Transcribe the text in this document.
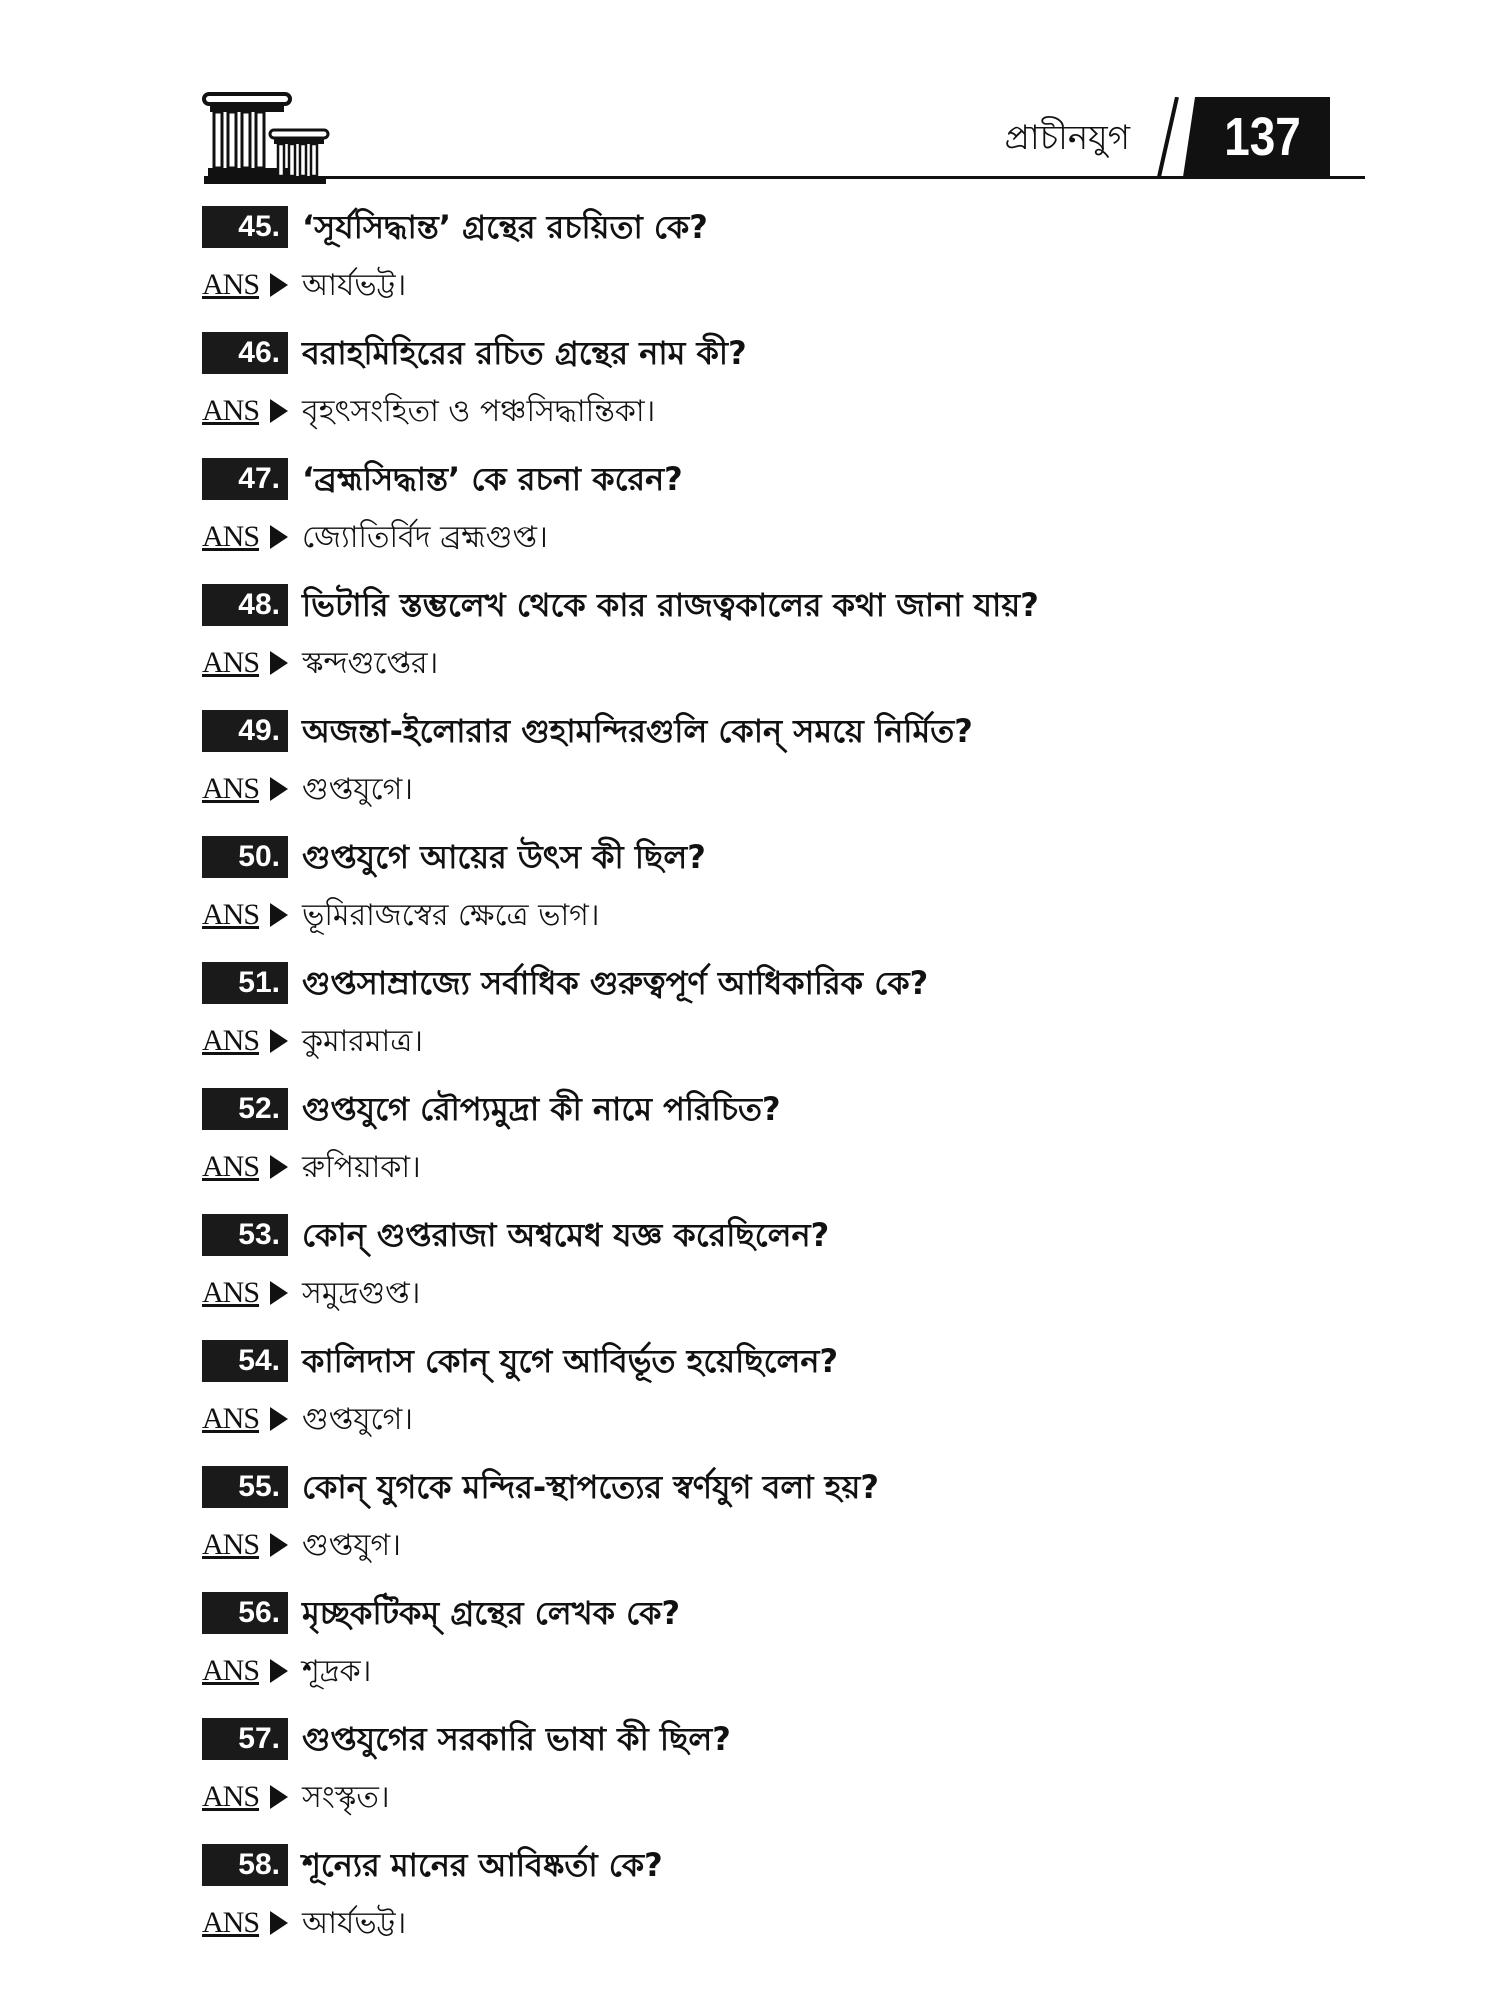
প্রাচীনযুগ	137
45. ‘সূর্যসিদ্ধান্ত’ গ্রন্থের রচয়িতা কে?
ANS আর্যভট্ট।
46. বরাহমিহিরের রচিত গ্রন্থের নাম কী?
ANS বৃহৎসংহিতা ও পঞ্চসিদ্ধান্তিকা।
47. ‘ব্রহ্মসিদ্ধান্ত’ কে রচনা করেন?
ANS জ্যোতির্বিদ ব্রহ্মগুপ্ত।
48. ভিটারি স্তম্ভলেখ থেকে কার রাজত্বকালের কথা জানা যায়?
ANS স্কন্দগুপ্তের।
49. অজন্তা-ইলোরার গুহামন্দিরগুলি কোন্ সময়ে নির্মিত?
ANS গুপ্তযুগে।
50. গুপ্তযুগে আয়ের উৎস কী ছিল?
ANS ভূমিরাজস্বের ক্ষেত্রে ভাগ।
51. গুপ্তসাম্রাজ্যে সর্বাধিক গুরুত্বপূর্ণ আধিকারিক কে?
ANS কুমারমাত্র।
52. গুপ্তযুগে রৌপ্যমুদ্রা কী নামে পরিচিত?
ANS রুপিয়াকা।
53. কোন্ গুপ্তরাজা অশ্বমেধ যজ্ঞ করেছিলেন?
ANS সমুদ্রগুপ্ত।
54. কালিদাস কোন্ যুগে আবির্ভূত হয়েছিলেন?
ANS গুপ্তযুগে।
55. কোন্ যুগকে মন্দির-স্থাপত্যের স্বর্ণযুগ বলা হয়?
ANS গুপ্তযুগ।
56. মৃচ্ছকটিকম্ গ্রন্থের লেখক কে?
ANS শূদ্রক।
57. গুপ্তযুগের সরকারি ভাষা কী ছিল?
ANS সংস্কৃত।
58. শূন্যের মানের আবিষ্কর্তা কে?
ANS আর্যভট্ট।
